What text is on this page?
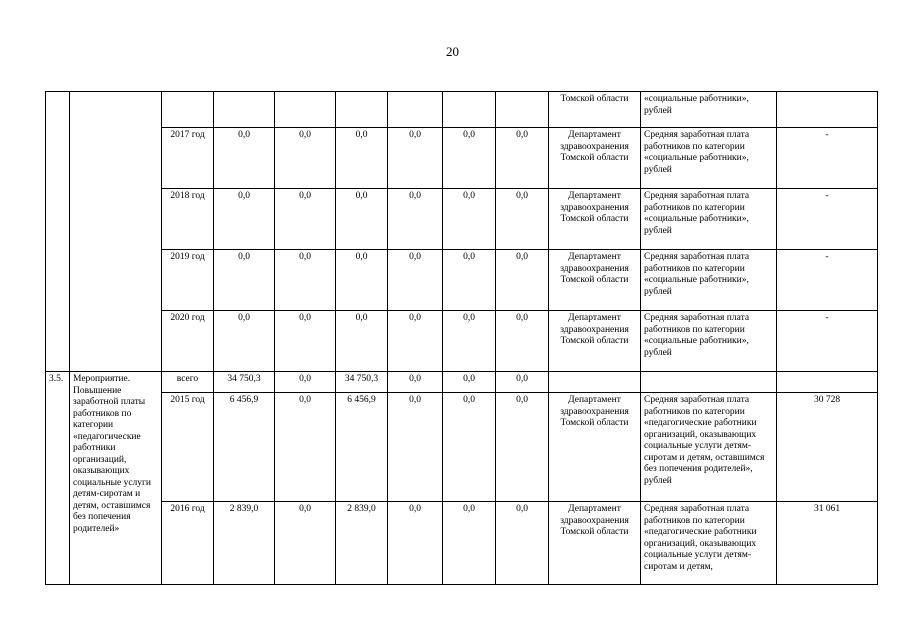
20
									Томской области	«социальные работники», рублей	
		2017 год	0,0	0,0	0,0	0,0	0,0	0,0	Департамент здравоохранения Томской области	Средняя заработная плата работников по категории «социальные работники», рублей	-
		2018 год	0,0	0,0	0,0	0,0	0,0	0,0	Департамент здравоохранения Томской области	Средняя заработная плата работников по категории «социальные работники», рублей	-
		2019 год	0,0	0,0	0,0	0,0	0,0	0,0	Департамент здравоохранения Томской области	Средняя заработная плата работников по категории «социальные работники», рублей	-
		2020 год	0,0	0,0	0,0	0,0	0,0	0,0	Департамент здравоохранения Томской области	Средняя заработная плата работников по категории «социальные работники», рублей	-
3.5.	Мероприятие. Повышение заработной платы работников по категории «педагогические работники организаций, оказывающих социальные услуги детям-сиротам и детям, оставшимся без попечения родителей»	всего	34 750,3	0,0	34 750,3	0,0	0,0	0,0			
		2015 год	6 456,9	0,0	6 456,9	0,0	0,0	0,0	Департамент здравоохранения Томской области	Средняя заработная плата работников по категории «педагогические работники организаций, оказывающих социальные услуги детям-сиротам и детям, оставшимся без попечения родителей», рублей	30 728
		2016 год	2 839,0	0,0	2 839,0	0,0	0,0	0,0	Департамент здравоохранения Томской области	Средняя заработная плата работников по категории «педагогические работники организаций, оказывающих социальные услуги детям-сиротам и детям,	31 061
